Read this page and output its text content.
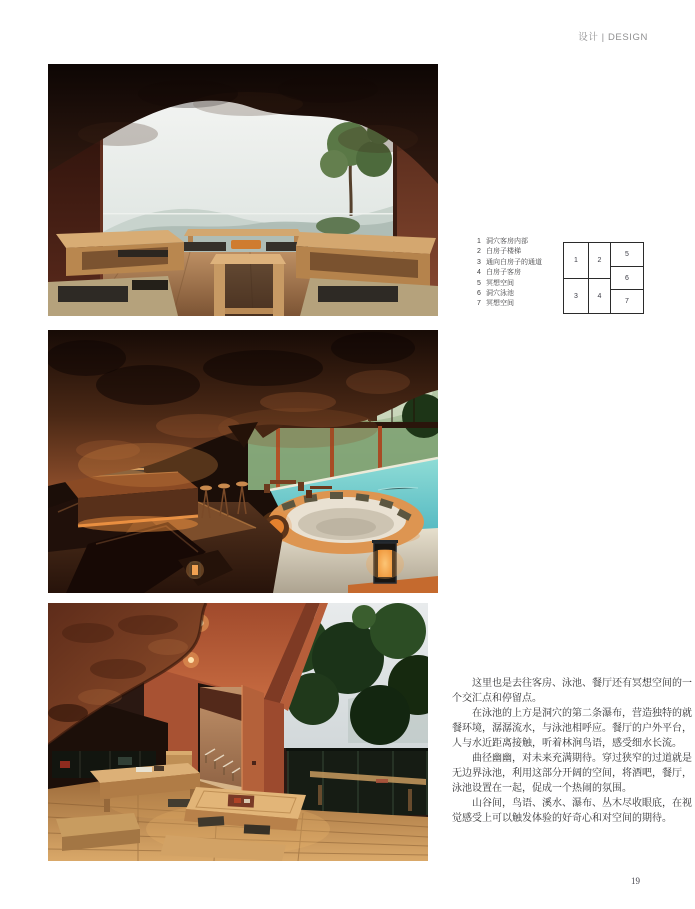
设计 | DESIGN
1 洞穴客房内部
2 白房子楼梯
3 通向白房子的通道
4 白房子客房
5 冥想空间
6 洞穴泳池
7 冥想空间
1	2
3	4
5
6
7

这里也是去往客房、泳池、餐厅还有冥想空间的一个交汇点和停留点。

在泳池的上方是洞穴的第二条瀑布，营造独特的就餐环境，潺潺流水，与泳池相呼应。餐厅的户外平台，人与水近距离接触，听着林涧鸟语，感受细水长流。

曲径幽幽，对未来充满期待。穿过狭窄的过道就是无边界泳池，利用这部分开阔的空间，将酒吧，餐厅，泳池设置在一起，促成一个热闹的氛围。

山谷间，鸟语、溪水、瀑布、丛木尽收眼底，在视觉感受上可以触发体验的好奇心和对空间的期待。

19
